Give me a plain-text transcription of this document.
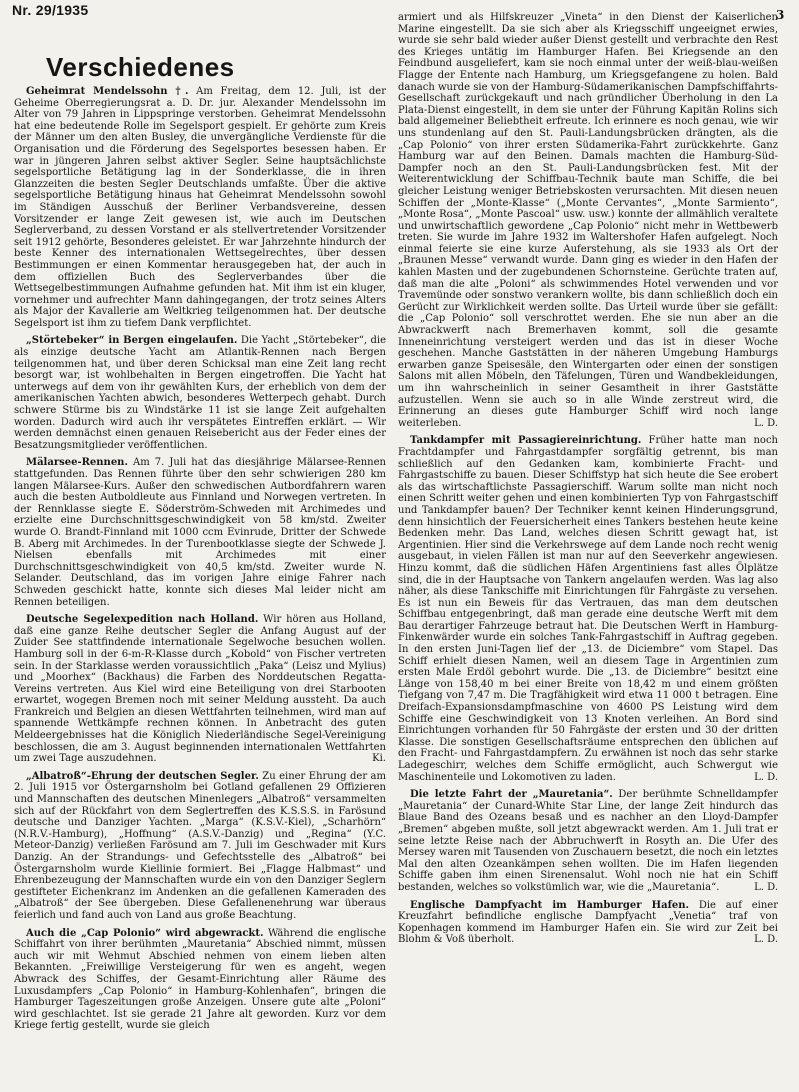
Nr. 29/1935	3
Verschiedenes

Geheimrat Mendelssohn †. Am Freitag, dem 12. Juli, ist der Geheime Oberregierungsrat a. D. Dr. jur. Alexander Mendelssohn im Alter von 79 Jahren in Lippspringe verstorben. Geheimrat Mendelssohn hat eine bedeutende Rolle im Segelsport gespielt. Er gehörte zum Kreis der Männer um den alten Busley, die unvergängliche Verdienste für die Organisation und die Förderung des Segelsportes besessen haben. Er war in jüngeren Jahren selbst aktiver Segler. Seine hauptsächlichste segelsportliche Betätigung lag in der Sonderklasse, die in ihren Glanzzeiten die besten Segler Deutschlands umfaßte. Über die aktive segelsportliche Betätigung hinaus hat Geheimrat Mendelssohn sowohl im Ständigen Ausschuß der Berliner Verbandsvereine, dessen Vorsitzender er lange Zeit gewesen ist, wie auch im Deutschen Seglerverband, zu dessen Vorstand er als stellvertretender Vorsitzender seit 1912 gehörte, Besonderes geleistet. Er war Jahrzehnte hindurch der beste Kenner des internationalen Wettsegelrechtes, über dessen Bestimmungen er einen Kommentar herausgegeben hat, der auch in dem offiziellen Buch des Seglerverbandes über die Wettsegelbestimmungen Aufnahme gefunden hat. Mit ihm ist ein kluger, vornehmer und aufrechter Mann dahingegangen, der trotz seines Alters als Major der Kavallerie am Weltkrieg teilgenommen hat. Der deutsche Segelsport ist ihm zu tiefem Dank verpflichtet.

„Störtebeker“ in Bergen eingelaufen. Die Yacht „Störtebeker“, die als einzige deutsche Yacht am Atlantik-Rennen nach Bergen teilgenommen hat, und über deren Schicksal man eine Zeit lang recht besorgt war, ist wohlbehalten in Bergen eingetroffen. Die Yacht hat unterwegs auf dem von ihr gewählten Kurs, der erheblich von dem der amerikanischen Yachten abwich, besonderes Wetterpech gehabt. Durch schwere Stürme bis zu Windstärke 11 ist sie lange Zeit aufgehalten worden. Dadurch wird auch ihr verspätetes Eintreffen erklärt. — Wir werden demnächst einen genauen Reisebericht aus der Feder eines der Besatzungsmitglieder veröffentlichen.

Mälarsee-Rennen. Am 7. Juli hat das diesjährige Mälarsee-Rennen stattgefunden. Das Rennen führte über den sehr schwierigen 280 km langen Mälarsee-Kurs. Außer den schwedischen Autbordfahrern waren auch die besten Autboldleute aus Finnland und Norwegen vertreten. In der Rennklasse siegte E. Söderström-Schweden mit Archimedes und erzielte eine Durchschnittsgeschwindigkeit von 58 km/std. Zweiter wurde O. Brandt-Finnland mit 1000 ccm Evinrude, Dritter der Schwede B. Aberg mit Archimedes. In der Turenbootklasse siegte der Schwede J. Nielsen ebenfalls mit Archimedes mit einer Durchschnittsgeschwindigkeit von 40,5 km/std. Zweiter wurde N. Selander. Deutschland, das im vorigen Jahre einige Fahrer nach Schweden geschickt hatte, konnte sich dieses Mal leider nicht am Rennen beteiligen.

Deutsche Segelexpedition nach Holland. Wir hören aus Holland, daß eine ganze Reihe deutscher Segler die Anfang August auf der Zuider See stattfindende internationale Segelwoche besuchen wollen. Hamburg soll in der 6-m-R-Klasse durch „Kobold“ von Fischer vertreten sein. In der Starklasse werden voraussichtlich „Paka“ (Leisz und Mylius) und „Moorhex“ (Backhaus) die Farben des Norddeutschen Regatta-Vereins vertreten. Aus Kiel wird eine Beteiligung von drei Starbooten erwartet, wogegen Bremen noch mit seiner Meldung aussteht. Da auch Frankreich und Belgien an diesen Wettfahrten teilnehmen, wird man auf spannende Wettkämpfe rechnen können. In Anbetracht des guten Meldeergebnisses hat die Königlich Niederländische Segel-Vereinigung beschlossen, die am 3. August beginnenden internationalen Wettfahrten um zwei Tage auszudehnen.	Ki.

„Albatroß“-Ehrung der deutschen Segler. Zu einer Ehrung der am 2. Juli 1915 vor Östergarnsholm bei Gotland gefallenen 29 Offizieren und Mannschaften des deutschen Minenlegers „Albatroß“ versammelten sich auf der Rückfahrt von dem Seglertreffen des K.S.S.S. in Farösund deutsche und Danziger Yachten. „Marga“ (K.S.V.-Kiel), „Scharhörn“ (N.R.V.-Hamburg), „Hoffnung“ (A.S.V.-Danzig) und „Regina“ (Y.C. Meteor-Danzig) verließen Farösund am 7. Juli im Geschwader mit Kurs Danzig. An der Strandungs- und Gefechtsstelle des „Albatroß“ bei Östergarnsholm wurde Kiellinie formiert. Bei „Flagge Halbmast“ und Ehrenbezeugung der Mannschaften wurde ein von den Danziger Seglern gestifteter Eichenkranz im Andenken an die gefallenen Kameraden des „Albatroß“ der See übergeben. Diese Gefallenenehrung war überaus feierlich und fand auch von Land aus große Beachtung.

Auch die „Cap Polonio“ wird abgewrackt. Während die englische Schiffahrt von ihrer berühmten „Mauretania“ Abschied nimmt, müssen auch wir mit Wehmut Abschied nehmen von einem lieben alten Bekannten. „Freiwillige Versteigerung für wen es angeht, wegen Abwrack des Schiffes, der Gesamt-Einrichtung aller Räume des Luxusdampfers „Cap Polonio“ in Hamburg-Kohlenhafen“, bringen die Hamburger Tageszeitungen große Anzeigen. Unsere gute alte „Poloni“ wird geschlachtet. Ist sie gerade 21 Jahre alt geworden. Kurz vor dem Kriege fertig gestellt, wurde sie gleich

armiert und als Hilfskreuzer „Vineta“ in den Dienst der Kaiserlichen Marine eingestellt. Da sie sich aber als Kriegsschiff ungeeignet erwies, wurde sie sehr bald wieder außer Dienst gestellt und verbrachte den Rest des Krieges untätig im Hamburger Hafen. Bei Kriegsende an den Feindbund ausgeliefert, kam sie noch einmal unter der weiß-blau-weißen Flagge der Entente nach Hamburg, um Kriegsgefangene zu holen. Bald danach wurde sie von der Hamburg-Südamerikanischen Dampfschiffahrts-Gesellschaft zurückgekauft und nach gründlicher Überholung in den La Plata-Dienst eingestellt, in dem sie unter der Führung Kapitän Rolins sich bald allgemeiner Beliebtheit erfreute. Ich erinnere es noch genau, wie wir uns stundenlang auf den St. Pauli-Landungsbrücken drängten, als die „Cap Polonio“ von ihrer ersten Südamerika-Fahrt zurückkehrte. Ganz Hamburg war auf den Beinen. Damals machten die Hamburg-Süd-Dampfer noch an den St. Pauli-Landungsbrücken fest. Mit der Weiterentwicklung der Schiffbau-Technik baute man Schiffe, die bei gleicher Leistung weniger Betriebskosten verursachten. Mit diesen neuen Schiffen der „Monte-Klasse“ („Monte Cervantes“, „Monte Sarmiento“, „Monte Rosa“, „Monte Pascoal“ usw. usw.) konnte der allmählich veraltete und unwirtschaftlich gewordene „Cap Polonio“ nicht mehr in Wettbewerb treten. Sie wurde im Jahre 1932 im Waltershofer Hafen aufgelegt. Noch einmal feierte sie eine kurze Auferstehung, als sie 1933 als Ort der „Braunen Messe“ verwandt wurde. Dann ging es wieder in den Hafen der kahlen Masten und der zugebundenen Schornsteine. Gerüchte traten auf, daß man die alte „Poloni“ als schwimmendes Hotel verwenden und vor Travemünde oder sonstwo verankern wollte, bis dann schließlich doch ein Gerücht zur Wirklichkeit werden sollte. Das Urteil wurde über sie gefällt: die „Cap Polonio“ soll verschrottet werden. Ehe sie nun aber an die Abwrackwerft nach Bremerhaven kommt, soll die gesamte Inneneinrichtung versteigert werden und das ist in dieser Woche geschehen. Manche Gaststätten in der näheren Umgebung Hamburgs erwarben ganze Speisesäle, den Wintergarten oder einen der sonstigen Salons mit allen Möbeln, den Täfelungen, Türen und Wandbekleidungen, um ihn wahrscheinlich in seiner Gesamtheit in ihrer Gaststätte aufzustellen. Wenn sie auch so in alle Winde zerstreut wird, die Erinnerung an dieses gute Hamburger Schiff wird noch lange weiterleben.	L. D.

Tankdampfer mit Passagiereinrichtung. Früher hatte man noch Frachtdampfer und Fahrgastdampfer sorgfältig getrennt, bis man schließlich auf den Gedanken kam, kombinierte Fracht- und Fahrgastschiffe zu bauen. Dieser Schiffstyp hat sich heute die See erobert als das wirtschaftlichste Passagierschiff. Warum sollte man nicht noch einen Schritt weiter gehen und einen kombinierten Typ von Fahrgastschiff und Tankdampfer bauen? Der Techniker kennt keinen Hinderungsgrund, denn hinsichtlich der Feuersicherheit eines Tankers bestehen heute keine Bedenken mehr. Das Land, welches diesen Schritt gewagt hat, ist Argentinien. Hier sind die Verkehrswege auf dem Lande noch recht wenig ausgebaut, in vielen Fällen ist man nur auf den Seeverkehr angewiesen. Hinzu kommt, daß die südlichen Häfen Argentiniens fast alles Ölplätze sind, die in der Hauptsache von Tankern angelaufen werden. Was lag also näher, als diese Tankschiffe mit Einrichtungen für Fahrgäste zu versehen. Es ist nun ein Beweis für das Vertrauen, das man dem deutschen Schiffbau entgegenbringt, daß man gerade eine deutsche Werft mit dem Bau derartiger Fahrzeuge betraut hat. Die Deutschen Werft in Hamburg-Finkenwärder wurde ein solches Tank-Fahrgastschiff in Auftrag gegeben. In den ersten Juni-Tagen lief der „13. de Diciembre“ vom Stapel. Das Schiff erhielt diesen Namen, weil an diesem Tage in Argentinien zum ersten Male Erdöl gebohrt wurde. Die „13. de Diciembre“ besitzt eine Länge von 158,40 m bei einer Breite von 18,42 m und einem größten Tiefgang von 7,47 m. Die Tragfähigkeit wird etwa 11 000 t betragen. Eine Dreifach-Expansionsdampfmaschine von 4600 PS Leistung wird dem Schiffe eine Geschwindigkeit von 13 Knoten verleihen. An Bord sind Einrichtungen vorhanden für 50 Fahrgäste der ersten und 30 der dritten Klasse. Die sonstigen Gesellschaftsräume entsprechen den üblichen auf den Fracht- und Fahrgastdampfern. Zu erwähnen ist noch das sehr starke Ladegeschirr, welches dem Schiffe ermöglicht, auch Schwergut wie Maschinenteile und Lokomotiven zu laden.	L. D.

Die letzte Fahrt der „Mauretania“. Der berühmte Schnelldampfer „Mauretania“ der Cunard-White Star Line, der lange Zeit hindurch das Blaue Band des Ozeans besaß und es nachher an den Lloyd-Dampfer „Bremen“ abgeben mußte, soll jetzt abgewrackt werden. Am 1. Juli trat er seine letzte Reise nach der Abbruchwerft in Rosyth an. Die Ufer des Mersey waren mit Tausenden von Zuschauern besetzt, die noch ein letztes Mal den alten Ozeankämpen sehen wollten. Die im Hafen liegenden Schiffe gaben ihm einen Sirenensalut. Wohl noch nie hat ein Schiff bestanden, welches so volkstümlich war, wie die „Mauretania“.	L. D.

Englische Dampfyacht im Hamburger Hafen. Die auf einer Kreuzfahrt befindliche englische Dampfyacht „Venetia“ traf von Kopenhagen kommend im Hamburger Hafen ein. Sie wird zur Zeit bei Blohm & Voß überholt.	L. D.
